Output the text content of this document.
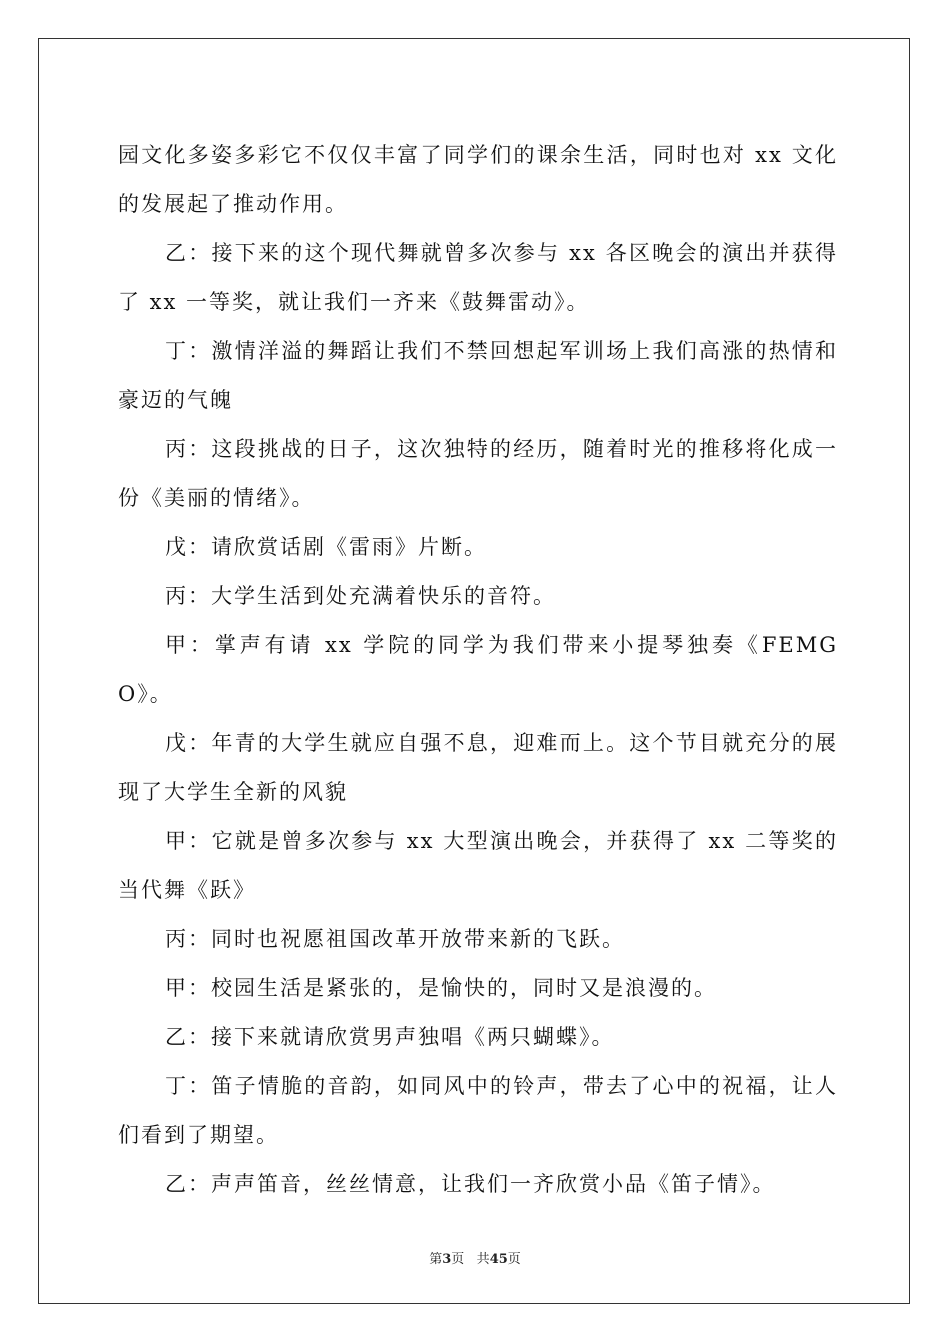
园文化多姿多彩它不仅仅丰富了同学们的课余生活，同时也对 xx 文化的发展起了推动作用。

乙：接下来的这个现代舞就曾多次参与 xx 各区晚会的演出并获得了 xx 一等奖，就让我们一齐来《鼓舞雷动》。

丁：激情洋溢的舞蹈让我们不禁回想起军训场上我们高涨的热情和豪迈的气魄

丙：这段挑战的日子，这次独特的经历，随着时光的推移将化成一份《美丽的情绪》。

戊：请欣赏话剧《雷雨》片断。

丙：大学生活到处充满着快乐的音符。

甲：掌声有请 xx 学院的同学为我们带来小提琴独奏《FEMGO》。

戊：年青的大学生就应自强不息，迎难而上。这个节目就充分的展现了大学生全新的风貌

甲：它就是曾多次参与 xx 大型演出晚会，并获得了 xx 二等奖的当代舞《跃》

丙：同时也祝愿祖国改革开放带来新的飞跃。

甲：校园生活是紧张的，是愉快的，同时又是浪漫的。

乙：接下来就请欣赏男声独唱《两只蝴蝶》。

丁：笛子情脆的音韵，如同风中的铃声，带去了心中的祝福，让人们看到了期望。

乙：声声笛音，丝丝情意，让我们一齐欣赏小品《笛子情》。

第3页 共45页
